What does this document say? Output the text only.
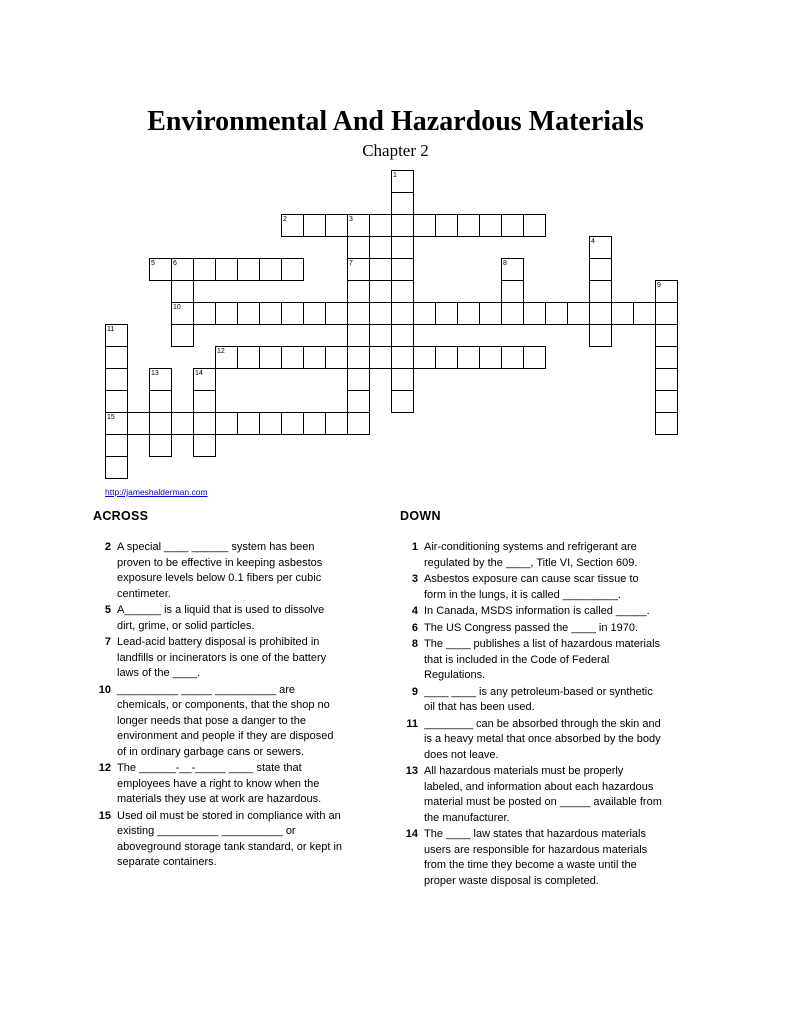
Environmental And Hazardous Materials
Chapter 2
2	3
5	6	7
10
12
15
1
4
8
9
11
13	14
http://jameshalderman.com
ACROSS
2 A special ____ ______ system has been proven to be effective in keeping asbestos exposure levels below 0.1 fibers per cubic centimeter.
5 A______ is a liquid that is used to dissolve dirt, grime, or solid particles.
7 Lead-acid battery disposal is prohibited in landfills or incinerators is one of the battery laws of the ____.
10 __________ _____ __________ are chemicals, or components, that the shop no longer needs that pose a danger to the environment and people if they are disposed of in ordinary garbage cans or sewers.
12 The ______-__-_____ ____ state that employees have a right to know when the materials they use at work are hazardous.
15 Used oil must be stored in compliance with an existing __________ __________ or aboveground storage tank standard, or kept in separate containers.
DOWN
1 Air-conditioning systems and refrigerant are regulated by the ____, Title VI, Section 609.
3 Asbestos exposure can cause scar tissue to form in the lungs, it is called _________.
4 In Canada, MSDS information is called _____.
6 The US Congress passed the ____ in 1970.
8 The ____ publishes a list of hazardous materials that is included in the Code of Federal Regulations.
9 ____ ____ is any petroleum-based or synthetic oil that has been used.
11 ________ can be absorbed through the skin and is a heavy metal that once absorbed by the body does not leave.
13 All hazardous materials must be properly labeled, and information about each hazardous material must be posted on _____ available from the manufacturer.
14 The ____ law states that hazardous materials users are responsible for hazardous materials from the time they become a waste until the proper waste disposal is completed.
